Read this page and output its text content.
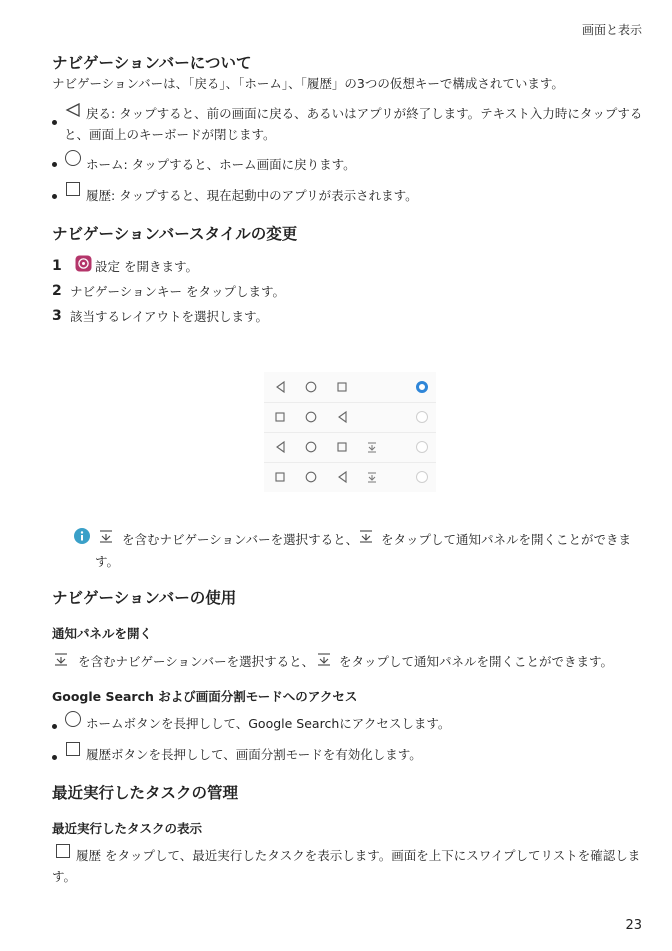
画面と表示
ナビゲーションバーについて
ナビゲーションバーは、「戻る」、「ホーム」、「履歴」の3つの仮想キーで構成されています。
戻る: タップすると、前の画面に戻る、あるいはアプリが終了します。テキスト入力時にタップする
と、画面上のキーボードが閉じます。
ホーム: タップすると、ホーム画面に戻ります。
履歴: タップすると、現在起動中のアプリが表示されます。
ナビゲーションバースタイルの変更
1	設定 を開きます。
2 ナビゲーションキー をタップします。
3 該当するレイアウトを選択します。
を含むナビゲーションバーを選択すると、 をタップして通知パネルを開くことができま
す。
ナビゲーションバーの使用
通知パネルを開く
を含むナビゲーションバーを選択すると、 をタップして通知パネルを開くことができます。
Google Search および画面分割モードへのアクセス
ホームボタンを長押しして、Google Searchにアクセスします。
履歴ボタンを長押しして、画面分割モードを有効化します。
最近実行したタスクの管理
最近実行したタスクの表示
履歴 をタップして、最近実行したタスクを表示します。画面を上下にスワイプしてリストを確認しま
す。
23
